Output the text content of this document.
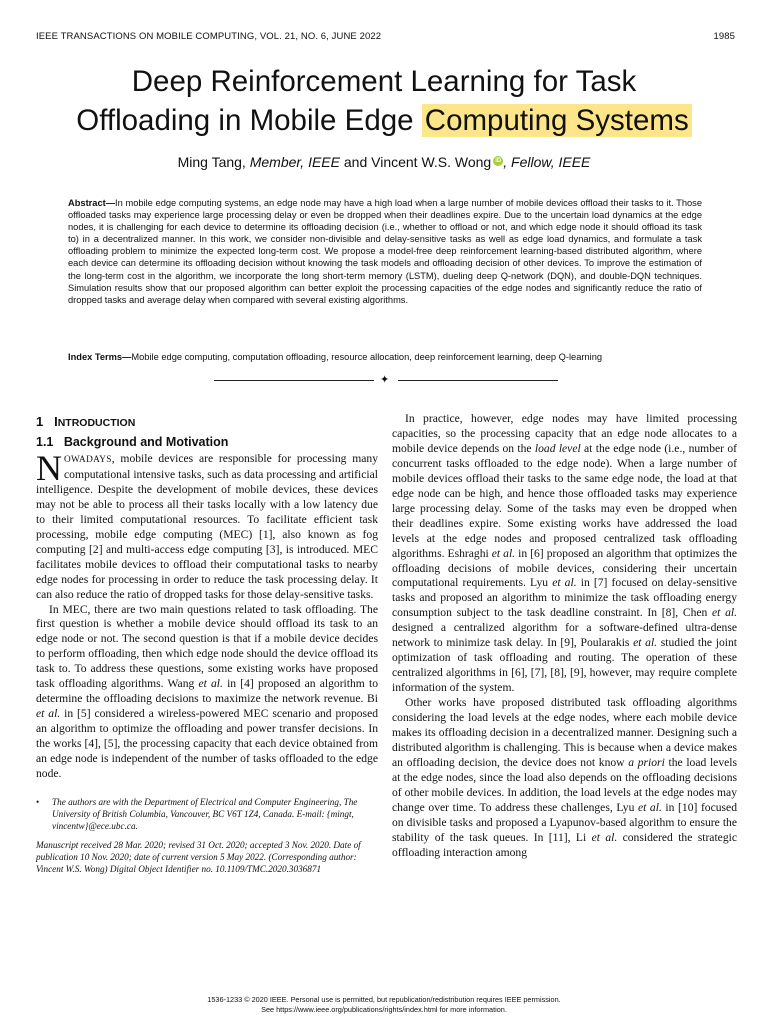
IEEE TRANSACTIONS ON MOBILE COMPUTING, VOL. 21, NO. 6, JUNE 2022	1985
Deep Reinforcement Learning for Task
Offloading in Mobile Edge Computing Systems
Ming Tang, Member, IEEE and Vincent W.S. Wong iD , Fellow, IEEE
Abstract—In mobile edge computing systems, an edge node may have a high load when a large number of mobile devices offload their tasks to it. Those offloaded tasks may experience large processing delay or even be dropped when their deadlines expire. Due to the uncertain load dynamics at the edge nodes, it is challenging for each device to determine its offloading decision (i.e., whether to offload or not, and which edge node it should offload its task to) in a decentralized manner. In this work, we consider non-divisible and delay-sensitive tasks as well as edge load dynamics, and formulate a task offloading problem to minimize the expected long-term cost. We propose a model-free deep reinforcement learning-based distributed algorithm, where each device can determine its offloading decision without knowing the task models and offloading decision of other devices. To improve the estimation of the long-term cost in the algorithm, we incorporate the long short-term memory (LSTM), dueling deep Q-network (DQN), and double-DQN techniques. Simulation results show that our proposed algorithm can better exploit the processing capacities of the edge nodes and significantly reduce the ratio of dropped tasks and average delay when compared with several existing algorithms.
Index Terms—Mobile edge computing, computation offloading, resource allocation, deep reinforcement learning, deep Q-learning
✦
1 INTRODUCTION
1.1 Background and Motivation

NOWADAYS, mobile devices are responsible for processing many computational intensive tasks, such as data processing and artificial intelligence. Despite the development of mobile devices, these devices may not be able to process all their tasks locally with a low latency due to their limited computational resources. To facilitate efficient task processing, mobile edge computing (MEC) [1], also known as fog computing [2] and multi-access edge computing [3], is introduced. MEC facilitates mobile devices to offload their computational tasks to nearby edge nodes for processing in order to reduce the task processing delay. It can also reduce the ratio of dropped tasks for those delay-sensitive tasks.

In MEC, there are two main questions related to task offloading. The first question is whether a mobile device should offload its task to an edge node or not. The second question is that if a mobile device decides to perform offloading, then which edge node should the device offload its task to. To address these questions, some existing works have proposed task offloading algorithms. Wang et al. in [4] proposed an algorithm to determine the offloading decisions to maximize the network revenue. Bi et al. in [5] considered a wireless-powered MEC scenario and proposed an algorithm to optimize the offloading and power transfer decisions. In the works [4], [5], the processing capacity that each device obtained from an edge node is independent of the number of tasks offloaded to the edge node.

• The authors are with the Department of Electrical and Computer Engineering, The University of British Columbia, Vancouver, BC V6T 1Z4, Canada. E-mail: {mingt, vincentw}@ece.ubc.ca.
Manuscript received 28 Mar. 2020; revised 31 Oct. 2020; accepted 3 Nov. 2020. Date of publication 10 Nov. 2020; date of current version 5 May 2022. (Corresponding author: Vincent W.S. Wong) Digital Object Identifier no. 10.1109/TMC.2020.3036871

In practice, however, edge nodes may have limited processing capacities, so the processing capacity that an edge node allocates to a mobile device depends on the load level at the edge node (i.e., number of concurrent tasks offloaded to the edge node). When a large number of mobile devices offload their tasks to the same edge node, the load at that edge node can be high, and hence those offloaded tasks may experience large processing delay. Some of the tasks may even be dropped when their deadlines expire. Some existing works have addressed the load levels at the edge nodes and proposed centralized task offloading algorithms. Eshraghi et al. in [6] proposed an algorithm that optimizes the offloading decisions of mobile devices, considering their uncertain computational requirements. Lyu et al. in [7] focused on delay-sensitive tasks and proposed an algorithm to minimize the task offloading energy consumption subject to the task deadline constraint. In [8], Chen et al. designed a centralized algorithm for a software-defined ultra-dense network to minimize task delay. In [9], Poularakis et al. studied the joint optimization of task offloading and routing. The operation of these centralized algorithms in [6], [7], [8], [9], however, may require complete information of the system.

Other works have proposed distributed task offloading algorithms considering the load levels at the edge nodes, where each mobile device makes its offloading decision in a decentralized manner. Designing such a distributed algorithm is challenging. This is because when a device makes an offloading decision, the device does not know a priori the load levels at the edge nodes, since the load also depends on the offloading decisions of other mobile devices. In addition, the load levels at the edge nodes may change over time. To address these challenges, Lyu et al. in [10] focused on divisible tasks and proposed a Lyapunov-based algorithm to ensure the stability of the task queues. In [11], Li et al. considered the strategic offloading interaction among

1536-1233 © 2020 IEEE. Personal use is permitted, but republication/redistribution requires IEEE permission.
See https://www.ieee.org/publications/rights/index.html for more information.
